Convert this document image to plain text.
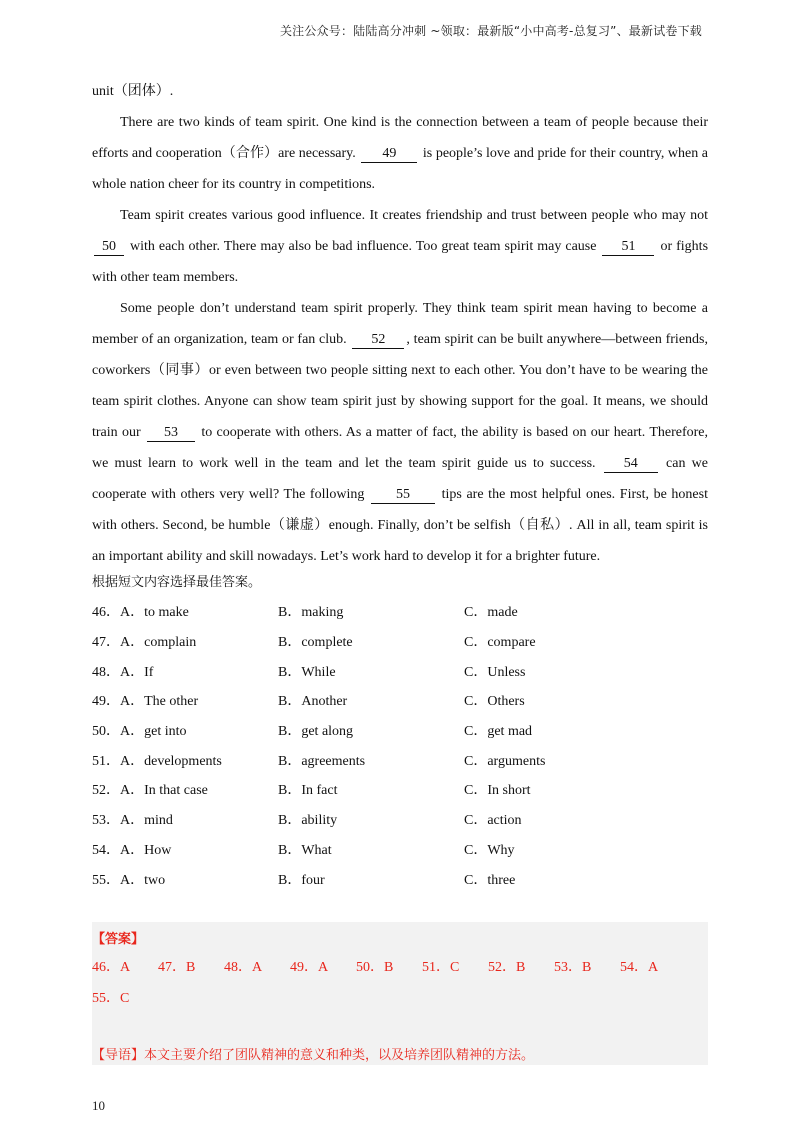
关注公众号：陆陆高分冲刺 ~领取：最新版“小中高考-总复习”、最新试卷下载

unit（团体）.

There are two kinds of team spirit. One kind is the connection between a team of people because their efforts and cooperation（合作）are necessary. 49 is people’s love and pride for their country, when a whole nation cheer for its country in competitions.

Team spirit creates various good influence. It creates friendship and trust between people who may not 50 with each other. There may also be bad influence. Too great team spirit may cause 51 or fights with other team members.

Some people don’t understand team spirit properly. They think team spirit mean having to become a member of an organization, team or fan club. 52 , team spirit can be built anywhere—between friends, coworkers（同事）or even between two people sitting next to each other. You don’t have to be wearing the team spirit clothes. Anyone can show team spirit just by showing support for the goal. It means, we should train our 53 to cooperate with others. As a matter of fact, the ability is based on our heart. Therefore, we must learn to work well in the team and let the team spirit guide us to success. 54 can we cooperate with others very well? The following 55 tips are the most helpful ones. First, be honest with others. Second, be humble（谦虚）enough. Finally, don’t be selfish（自私）. All in all, team spirit is an important ability and skill nowadays. Let’s work hard to develop it for a brighter future.

根据短文内容选择最佳答案。
46．A．to make	B．making	C．made
47．A．complain	B．complete	C．compare
48．A．If	B．While	C．Unless
49．A．The other	B．Another	C．Others
50．A．get into	B．get along	C．get mad
51．A．developments	B．agreements	C．arguments
52．A．In that case	B．In fact	C．In short
53．A．mind	B．ability	C．action
54．A．How	B．What	C．Why
55．A．two	B．four	C．three
【答案】
46．A 47．B 48．A 49．A 50．B 51．C 52．B 53．B 54．A
55．C
【导语】本文主要介绍了团队精神的意义和种类，以及培养团队精神的方法。
10
